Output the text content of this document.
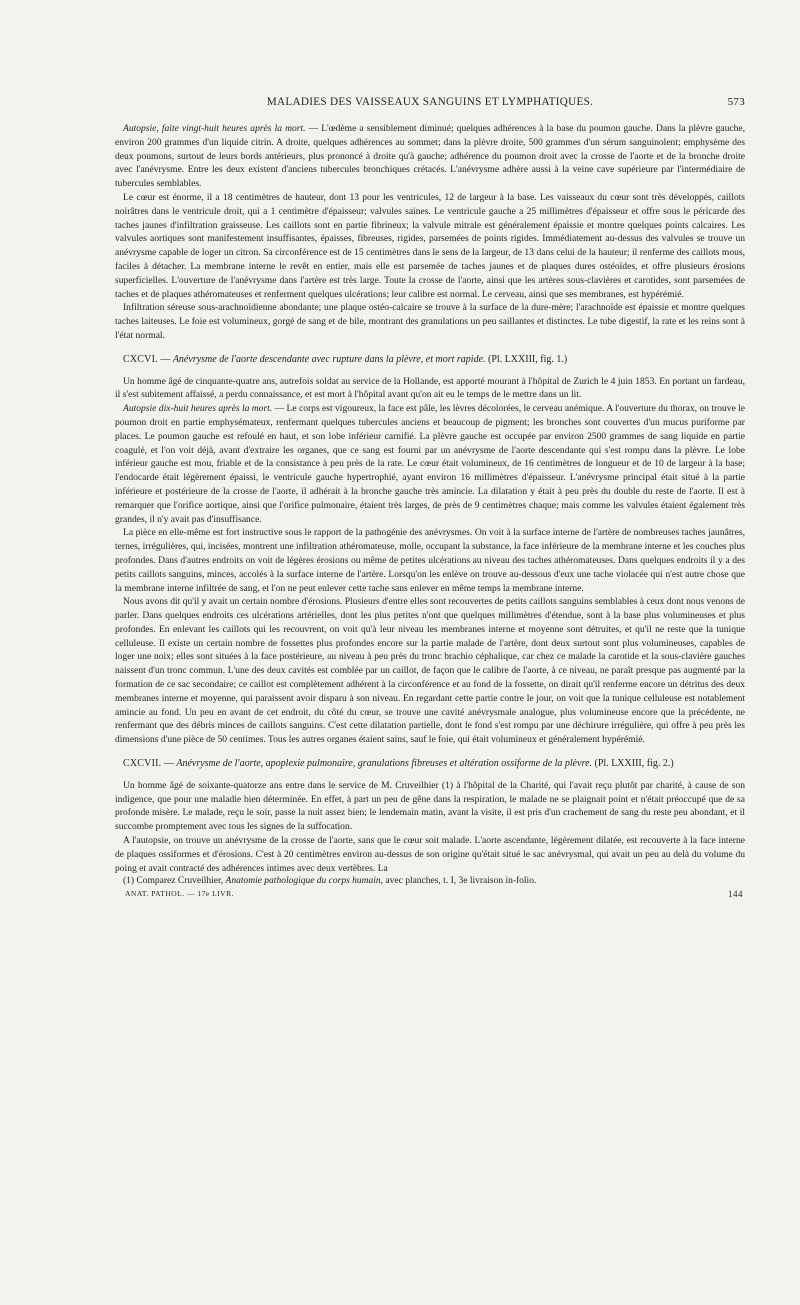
MALADIES DES VAISSEAUX SANGUINS ET LYMPHATIQUES.	573

Autopsie, faite vingt-huit heures après la mort. — L'œdème a sensiblement diminué; quelques adhérences à la base du poumon gauche. Dans la plèvre gauche, environ 200 grammes d'un liquide citrin. A droite, quelques adhérences au sommet; dans la plèvre droite, 500 grammes d'un sérum sanguinolent; emphysème des deux poumons, surtout de leurs bords antérieurs, plus prononcé à droite qu'à gauche; adhérence du poumon droit avec la crosse de l'aorte et de la bronche droite avec l'anévrysme. Entre les deux existent d'anciens tubercules bronchiques crétacés. L'anévrysme adhère aussi à la veine cave supérieure par l'intermédiaire de tubercules semblables.

Le cœur est énorme, il a 18 centimètres de hauteur, dont 13 pour les ventricules, 12 de largeur à la base. Les vaisseaux du cœur sont très développés, caillots noirâtres dans le ventricule droit, qui a 1 centimètre d'épaisseur; valvules saines. Le ventricule gauche a 25 millimètres d'épaisseur et offre sous le péricarde des taches jaunes d'infiltration graisseuse. Les caillots sont en partie fibrineux; la valvule mitrale est généralement épaissie et montre quelques points calcaires. Les valvules aortiques sont manifestement insuffisantes, épaisses, fibreuses, rigides, parsemées de points rigides. Immédiatement au-dessus des valvules se trouve un anévrysme capable de loger un citron. Sa circonférence est de 15 centimètres dans le sens de la largeur, de 13 dans celui de la hauteur; il renferme des caillots mous, faciles à détacher. La membrane interne le revêt en entier, mais elle est parsemée de taches jaunes et de plaques dures ostéoïdes, et offre plusieurs érosions superficielles. L'ouverture de l'anévrysme dans l'artère est très large. Toute la crosse de l'aorte, ainsi que les artères sous-clavières et carotides, sont parsemées de taches et de plaques athéromateuses et renferment quelques ulcérations; leur calibre est normal. Le cerveau, ainsi que ses membranes, est hypérémié.

Infiltration séreuse sous-arachnoïdienne abondante; une plaque ostéo-calcaire se trouve à la surface de la dure-mère; l'arachnoïde est épaissie et montre quelques taches laiteuses. Le foie est volumineux, gorgé de sang et de bile, montrant des granulations un peu saillantes et distinctes. Le tube digestif, la rate et les reins sont à l'état normal.

CXCVI. — Anévrysme de l'aorte descendante avec rupture dans la plèvre, et mort rapide. (Pl. LXXIII, fig. 1.)

Un homme âgé de cinquante-quatre ans, autrefois soldat au service de la Hollande, est apporté mourant à l'hôpital de Zurich le 4 juin 1853. En portant un fardeau, il s'est subitement affaissé, a perdu connaissance, et est mort à l'hôpital avant qu'on ait eu le temps de le mettre dans un lit.

Autopsie dix-huit heures après la mort. — Le corps est vigoureux, la face est pâle, les lèvres décolorées, le cerveau anémique. A l'ouverture du thorax, on trouve le poumon droit en partie emphysémateux, renfermant quelques tubercules anciens et beaucoup de pigment; les bronches sont couvertes d'un mucus puriforme par places. Le poumon gauche est refoulé en haut, et son lobe inférieur carnifié. La plèvre gauche est occupée par environ 2500 grammes de sang liquide en partie coagulé, et l'on voit déjà, avant d'extraire les organes, que ce sang est fourni par un anévrysme de l'aorte descendante qui s'est rompu dans la plèvre. Le lobe inférieur gauche est mou, friable et de la consistance à peu près de la rate. Le cœur était volumineux, de 16 centimètres de longueur et de 10 de largeur à la base; l'endocarde était légèrement épaissi, le ventricule gauche hypertrophié, ayant environ 16 millimètres d'épaisseur. L'anévrysme principal était situé à la partie inférieure et postérieure de la crosse de l'aorte, il adhérait à la bronche gauche très amincie. La dilatation y était à peu près du double du reste de l'aorte. Il est à remarquer que l'orifice aortique, ainsi que l'orifice pulmonaire, étaient très larges, de près de 9 centimètres chaque; mais comme les valvules étaient également très grandes, il n'y avait pas d'insuffisance.

La pièce en elle-même est fort instructive sous le rapport de la pathogénie des anévrysmes. On voit à la surface interne de l'artère de nombreuses taches jaunâtres, ternes, irrégulières, qui, incisées, montrent une infiltration athéromateuse, molle, occupant la substance, la face inférieure de la membrane interne et les couches plus profondes. Dans d'autres endroits on voit de légères érosions ou même de petites ulcérations au niveau des taches athéromateuses. Dans quelques endroits il y a des petits caillots sanguins, minces, accolés à la surface interne de l'artère. Lorsqu'on les enlève on trouve au-dessous d'eux une tache violacée qui n'est autre chose que la membrane interne infiltrée de sang, et l'on ne peut enlever cette tache sans enlever en même temps la membrane interne.

Nous avons dit qu'il y avait un certain nombre d'érosions. Plusieurs d'entre elles sont recouvertes de petits caillots sanguins semblables à ceux dont nous venons de parler. Dans quelques endroits ces ulcérations artérielles, dont les plus petites n'ont que quelques millimètres d'étendue, sont à la base plus volumineuses et plus profondes. En enlevant les caillots qui les recouvrent, on voit qu'à leur niveau les membranes interne et moyenne sont détruites, et qu'il ne reste que la tunique celluleuse. Il existe un certain nombre de fossettes plus profondes encore sur la partie malade de l'artère, dont deux surtout sont plus volumineuses, capables de loger une noix; elles sont situées à la face postérieure, au niveau à peu près du tronc brachio céphalique, car chez ce malade la carotide et la sous-clavière gauches naissent d'un tronc commun. L'une des deux cavités est comblée par un caillot, de façon que le calibre de l'aorte, à ce niveau, ne paraît presque pas augmenté par la formation de ce sac secondaire; ce caillot est complètement adhérent à la circonférence et au fond de la fossette, on dirait qu'il renferme encore un détritus des deux membranes interne et moyenne, qui paraissent avoir disparu à son niveau. En regardant cette partie contre le jour, on voit que la tunique celluleuse est notablement amincie au fond. Un peu en avant de cet endroit, du côté du cœur, se trouve une cavité anévrysmale analogue, plus volumineuse encore que la précédente, ne renfermant que des débris minces de caillots sanguins. C'est cette dilatation partielle, dont le fond s'est rompu par une déchirure irrégulière, qui offre à peu près les dimensions d'une pièce de 50 centimes. Tous les autres organes étaient sains, sauf le foie, qui était volumineux et généralement hypérémié.

CXCVII. — Anévrysme de l'aorte, apoplexie pulmonaire, granulations fibreuses et altération ossiforme de la plèvre. (Pl. LXXIII, fig. 2.)

Un homme âgé de soixante-quatorze ans entre dans le service de M. Cruveilhier (1) à l'hôpital de la Charité, qui l'avait reçu plutôt par charité, à cause de son indigence, que pour une maladie bien déterminée. En effet, à part un peu de gêne dans la respiration, le malade ne se plaignait point et n'était préoccupé que de sa profonde misère. Le malade, reçu le soir, passe la nuit assez bien; le lendemain matin, avant la visite, il est pris d'un crachement de sang du reste peu abondant, et il succombe promptement avec tous les signes de la suffocation.

A l'autopsie, on trouve un anévrysme de la crosse de l'aorte, sans que le cœur soit malade. L'aorte ascendante, légèrement dilatée, est recouverte à la face interne de plaques ossiformes et d'érosions. C'est à 20 centimètres environ au-dessus de son origine qu'était situé le sac anévrysmal, qui avait un peu au delà du volume du poing et avait contracté des adhérences intimes avec deux vertèbres. La

(1) Comparez Cruveilhier, Anatomie pathologique du corps humain, avec planches, t. I, 3e livraison in-folio.

ANAT. PATHOL. — 17e LIVR.	144
